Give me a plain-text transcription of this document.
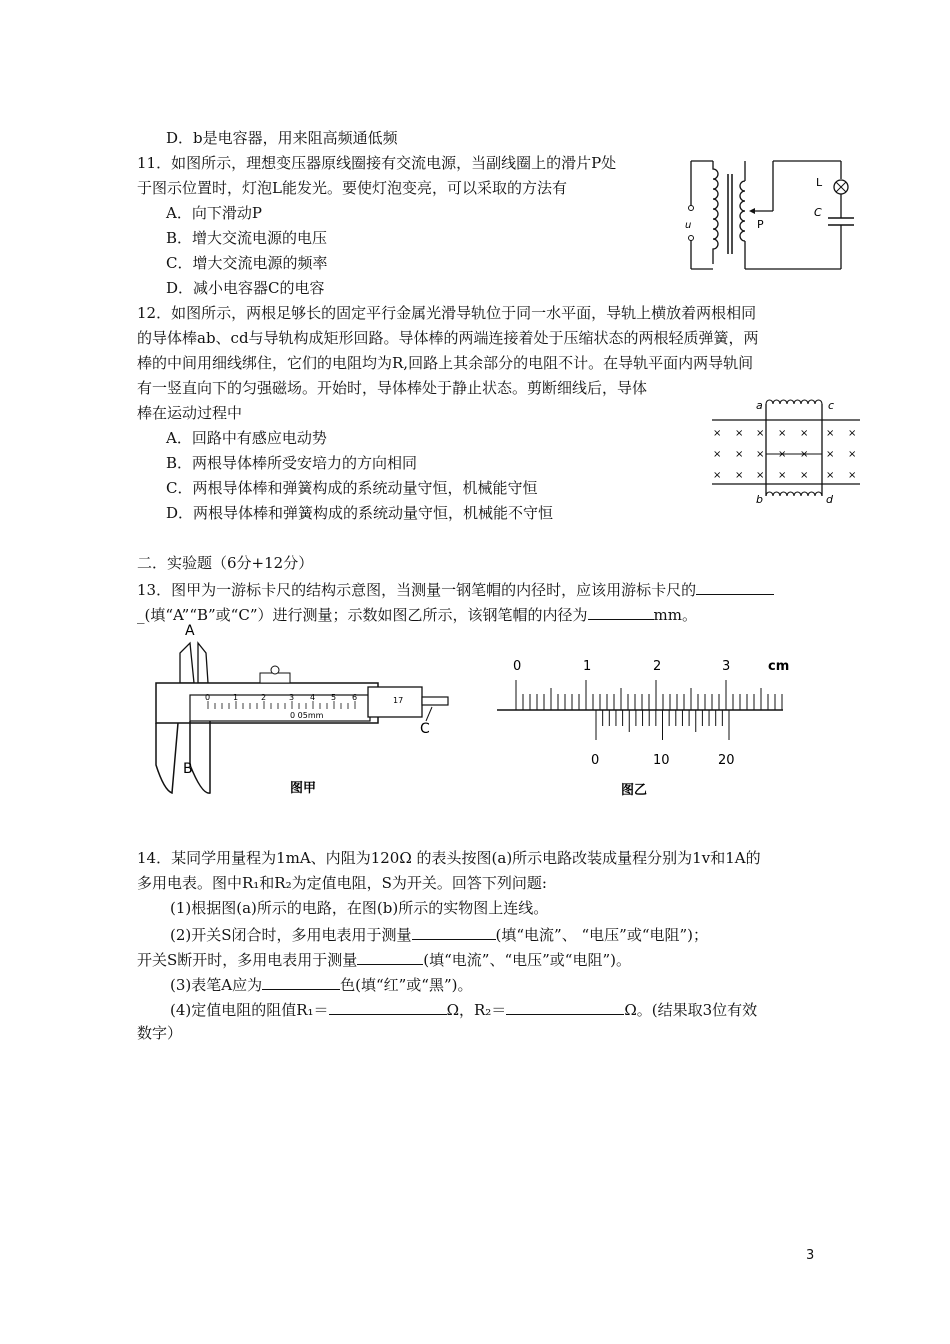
D．b是电容器，用来阻高频通低频
11．如图所示，理想变压器原线圈接有交流电源，当副线圈上的滑片P处
于图示位置时，灯泡L能发光。要使灯泡变亮，可以采取的方法有
A．向下滑动P
B．增大交流电源的电压
C．增大交流电源的频率
D．减小电容器C的电容
u	P
L
C
12．如图所示，两根足够长的固定平行金属光滑导轨位于同一水平面，导轨上横放着两根相同
的导体棒ab、cd与导轨构成矩形回路。导体棒的两端连接着处于压缩状态的两根轻质弹簧，两
棒的中间用细线绑住，它们的电阻均为R,回路上其余部分的电阻不计。在导轨平面内两导轨间
有一竖直向下的匀强磁场。开始时，导体棒处于静止状态。剪断细线后，导体
棒在运动过程中
A．回路中有感应电动势
B．两根导体棒所受安培力的方向相同
C．两根导体棒和弹簧构成的系统动量守恒，机械能守恒
D．两根导体棒和弹簧构成的系统动量守恒，机械能不守恒
a	c
b	d
× × × × × × ×
× × × × × × ×
× × × × × × ×
二．实验题（6分+12分）
13．图甲为一游标卡尺的结构示意图，当测量一钢笔帽的内径时，应该用游标卡尺的
_(填“A”“B”或“C”）进行测量；示数如图乙所示，该钢笔帽的内径为	mm。
A
0	1	2	3 4 5 6
0 05mm
17
C
B
图甲
0	1	2	3	cm
0	10	20
图乙
14．某同学用量程为1mA、内阻为120Ω 的表头按图(a)所示电路改装成量程分别为1v和1A的
多用电表。图中R₁和R₂为定值电阻，S为开关。回答下列问题:
(1)根据图(a)所示的电路，在图(b)所示的实物图上连线。
(2)开关S闭合时，多用电表用于测量	(填“电流”、 “电压”或“电阻”)；
开关S断开时，多用电表用于测量	(填“电流”、“电压”或“电阻”)。
(3)表笔A应为	色(填“红”或“黑”)。
(4)定值电阻的阻值R₁＝	Ω，R₂＝	Ω。(结果取3位有效
数字）
3
